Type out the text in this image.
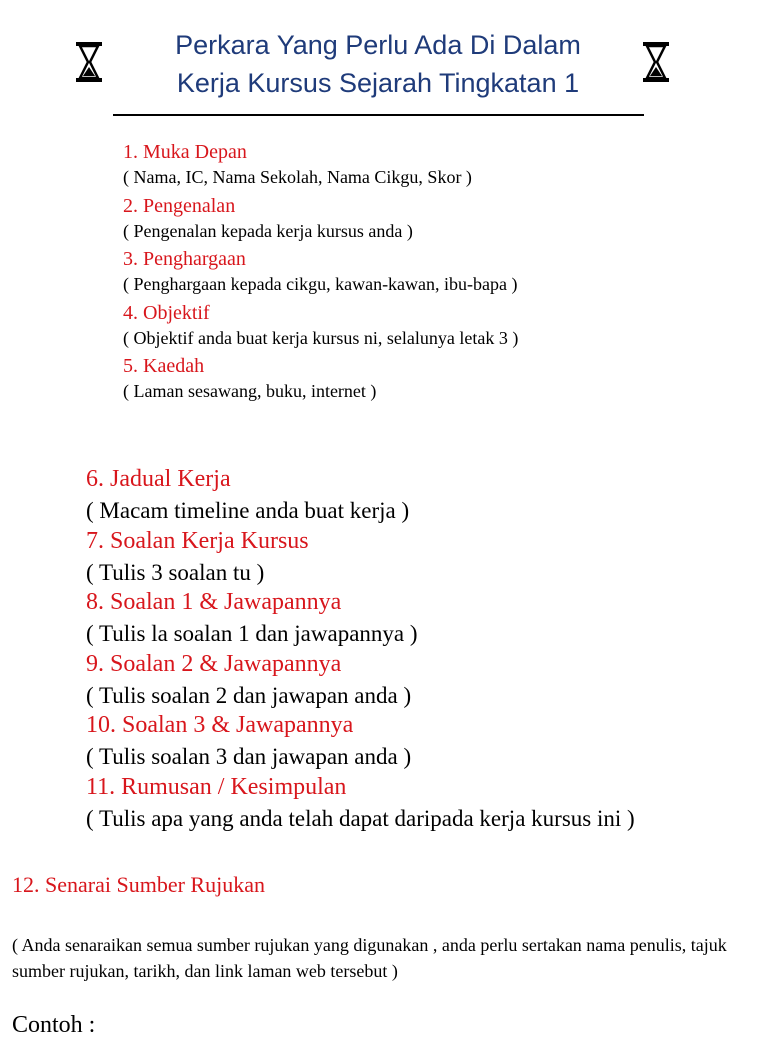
Perkara Yang Perlu Ada Di Dalam
Kerja Kursus Sejarah Tingkatan 1
1. Muka Depan
( Nama, IC, Nama Sekolah, Nama Cikgu, Skor )
2. Pengenalan
( Pengenalan kepada kerja kursus anda )
3. Penghargaan
( Penghargaan kepada cikgu, kawan-kawan, ibu-bapa )
4. Objektif
( Objektif anda buat kerja kursus ni, selalunya letak 3 )
5. Kaedah
( Laman sesawang, buku, internet )
6. Jadual Kerja
( Macam timeline anda buat kerja )
7. Soalan Kerja Kursus
( Tulis 3 soalan tu )
8. Soalan 1 & Jawapannya
( Tulis la soalan 1 dan jawapannya )
9. Soalan 2 & Jawapannya
( Tulis soalan 2 dan jawapan anda )
10. Soalan 3 & Jawapannya
( Tulis soalan 3 dan jawapan anda )
11. Rumusan / Kesimpulan
( Tulis apa yang anda telah dapat daripada kerja kursus ini )
12. Senarai Sumber Rujukan
( Anda senaraikan semua sumber rujukan yang digunakan , anda perlu sertakan nama penulis, tajuk sumber rujukan, tarikh, dan link laman web tersebut )
Contoh :
